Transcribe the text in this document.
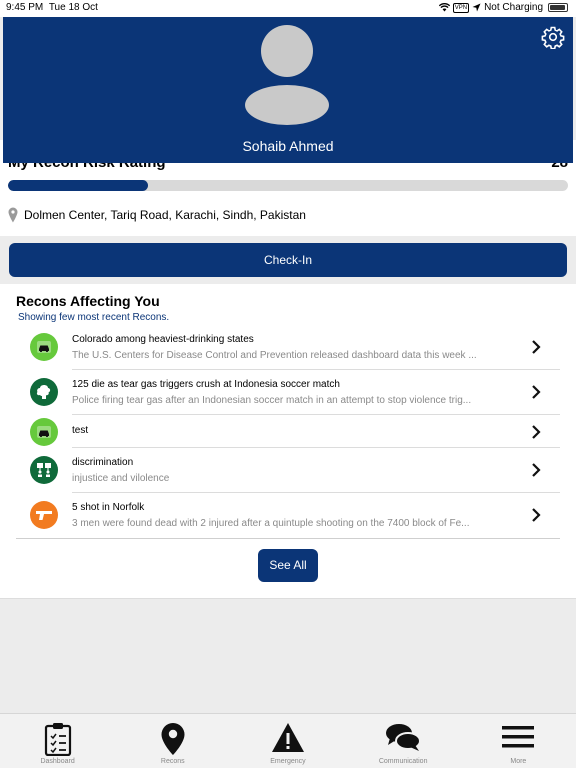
9:45 PM Tue 18 Oct	VPN Not Charging
Sohaib Ahmed
Dolmen Center, Tariq Road, Karachi, Sindh, Pakistan
Check-In
Recons Affecting You
Showing few most recent Recons.
Colorado among heaviest-drinking states
The U.S. Centers for Disease Control and Prevention released dashboard data this week ...
125 die as tear gas triggers crush at Indonesia soccer match
Police firing tear gas after an Indonesian soccer match in an attempt to stop violence trig...
test
discrimination
injustice and vilolence
5 shot in Norfolk
3 men were found dead with 2 injured after a quintuple shooting on the 7400 block of Fe...
See All
Dashboard	Recons	Emergency	Communication	More
